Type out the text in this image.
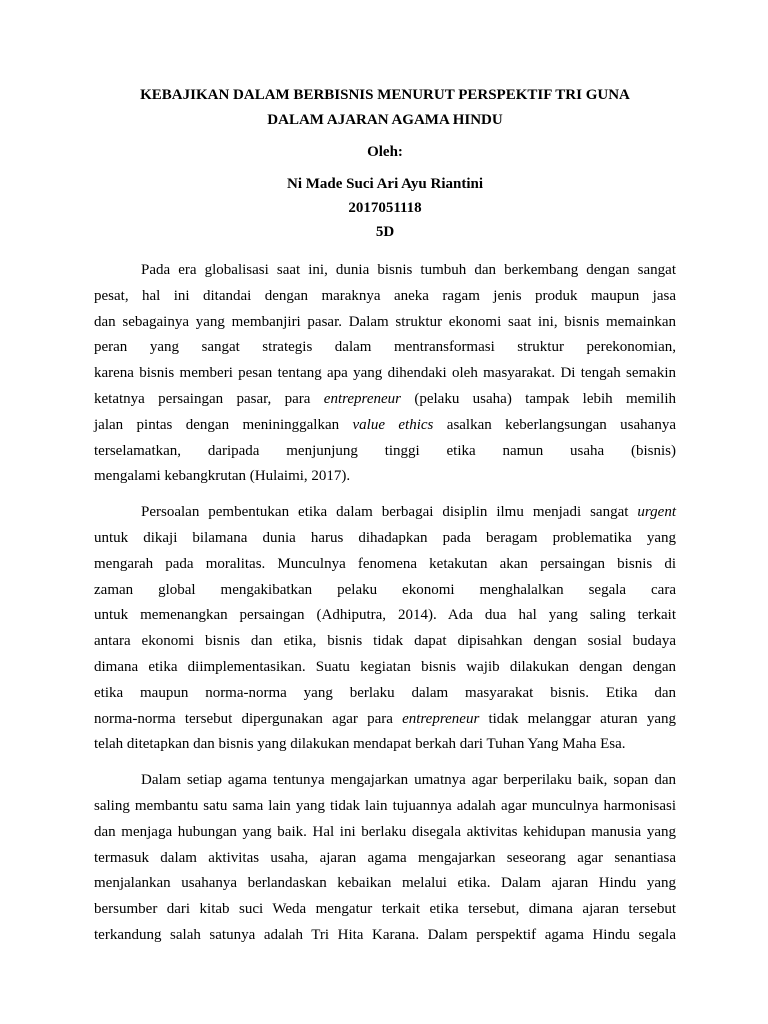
KEBAJIKAN DALAM BERBISNIS MENURUT PERSPEKTIF TRI GUNA
DALAM AJARAN AGAMA HINDU
Oleh:
Ni Made Suci Ari Ayu Riantini
2017051118
5D

Pada era globalisasi saat ini, dunia bisnis tumbuh dan berkembang dengan sangat
pesat, hal ini ditandai dengan maraknya aneka ragam jenis produk maupun jasa
dan sebagainya yang membanjiri pasar. Dalam struktur ekonomi saat ini, bisnis memainkan
peran yang sangat strategis dalam mentransformasi struktur perekonomian,
karena bisnis memberi pesan tentang apa yang dihendaki oleh masyarakat. Di tengah semakin
ketatnya persaingan pasar, para entrepreneur (pelaku usaha) tampak lebih memilih
jalan pintas dengan menininggalkan value ethics asalkan keberlangsungan usahanya
terselamatkan, daripada menjunjung tinggi etika namun usaha (bisnis)
mengalami kebangkrutan (Hulaimi, 2017).

Persoalan pembentukan etika dalam berbagai disiplin ilmu menjadi sangat urgent
untuk dikaji bilamana dunia harus dihadapkan pada beragam problematika yang
mengarah pada moralitas. Munculnya fenomena ketakutan akan persaingan bisnis di
zaman global mengakibatkan pelaku ekonomi menghalalkan segala cara
untuk memenangkan persaingan (Adhiputra, 2014). Ada dua hal yang saling terkait
antara ekonomi bisnis dan etika, bisnis tidak dapat dipisahkan dengan sosial budaya
dimana etika diimplementasikan. Suatu kegiatan bisnis wajib dilakukan dengan dengan
etika maupun norma-norma yang berlaku dalam masyarakat bisnis. Etika dan
norma-norma tersebut dipergunakan agar para entrepreneur tidak melanggar aturan yang
telah ditetapkan dan bisnis yang dilakukan mendapat berkah dari Tuhan Yang Maha Esa.

Dalam setiap agama tentunya mengajarkan umatnya agar berperilaku baik, sopan dan
saling membantu satu sama lain yang tidak lain tujuannya adalah agar munculnya harmonisasi
dan menjaga hubungan yang baik. Hal ini berlaku disegala aktivitas kehidupan manusia yang
termasuk dalam aktivitas usaha, ajaran agama mengajarkan seseorang agar senantiasa
menjalankan usahanya berlandaskan kebaikan melalui etika. Dalam ajaran Hindu yang
bersumber dari kitab suci Weda mengatur terkait etika tersebut, dimana ajaran tersebut
terkandung salah satunya adalah Tri Hita Karana. Dalam perspektif agama Hindu segala
